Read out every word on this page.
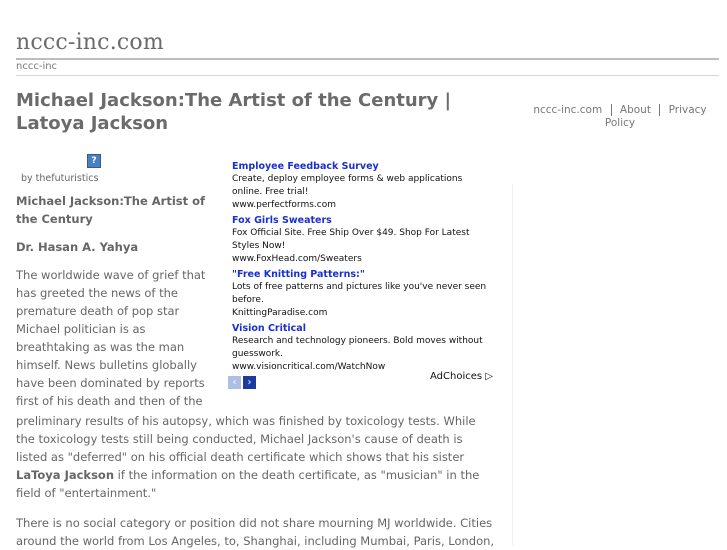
nccc-inc.com
nccc-inc
Michael Jackson:The Artist of the Century | Latoya Jackson
nccc-inc.com About Privacy Policy
?
by thefuturistics
Michael Jackson:The Artist of the Century
Dr. Hasan A. Yahya
The worldwide wave of grief that has greeted the news of the premature death of pop star Michael politician is as breathtaking as was the man himself. News bulletins globally have been dominated by reports first of his death and then of the
preliminary results of his autopsy, which was finished by toxicology tests. While the toxicology tests still being conducted, Michael Jackson's cause of death is listed as "deferred" on his official death certificate which shows that his sister LaToya Jackson if the information on the death certificate, as "musician" in the field of "entertainment."
There is no social category or position did not share mourning MJ worldwide. Cities around the world from Los Angeles, to, Shanghai, including Mumbai, Paris, London,
Employee Feedback Survey
Create, deploy employee forms & web applications online. Free trial!
www.perfectforms.com
Fox Girls Sweaters
Fox Official Site. Free Ship Over $49. Shop For Latest Styles Now!
www.FoxHead.com/Sweaters
"Free Knitting Patterns:"
Lots of free patterns and pictures like you've never seen before.
KnittingParadise.com
Vision Critical
Research and technology pioneers. Bold moves without guesswork.
www.visioncritical.com/WatchNow
‹ ›
AdChoices ▷
